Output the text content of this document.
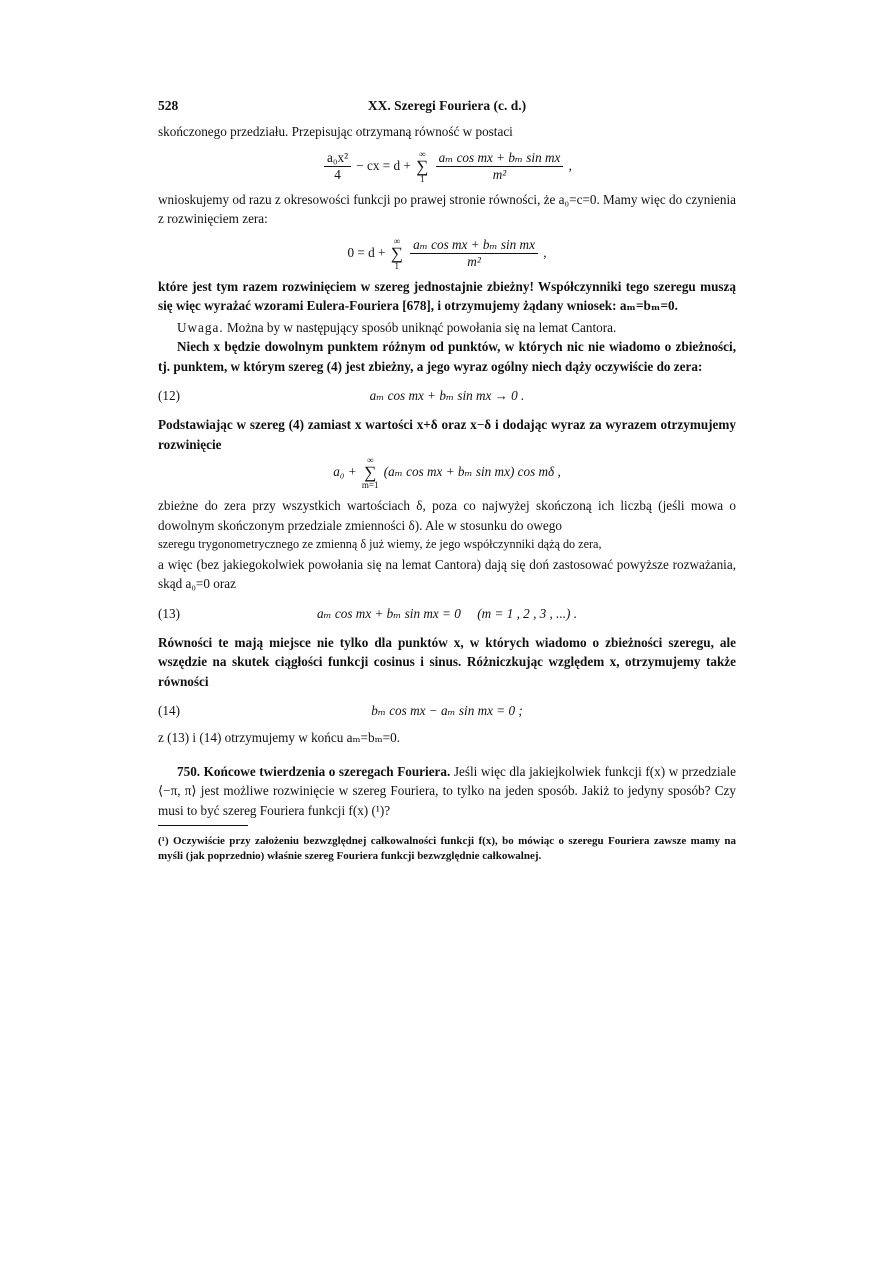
528	XX. Szeregi Fouriera (c. d.)

skończonego przedziału. Przepisując otrzymaną równość w postaci

$\frac{\text{a₀x²}}{4}$ − cx = d +
∞
∑
1
$\frac{\text{aₘ cos mx + bₘ sin mx}}{\text{m²}}$ ,

wnioskujemy od razu z okresowości funkcji po prawej stronie równości, że a₀=c=0. Mamy więc do czynienia z rozwinięciem zera:

0 = d +
∞
∑
1
$\frac{\text{aₘ cos mx + bₘ sin mx}}{\text{m²}}$ ,

które jest tym razem rozwinięciem w szereg jednostajnie zbieżny! Współczynniki tego szeregu muszą się więc wyrażać wzorami Eulera-Fouriera [678], i otrzymujemy żądany wniosek: aₘ=bₘ=0.

Uwaga. Można by w następujący sposób uniknąć powołania się na lemat Cantora.

Niech x będzie dowolnym punktem różnym od punktów, w których nic nie wiadomo o zbieżności, tj. punktem, w którym szereg (4) jest zbieżny, a jego wyraz ogólny niech dąży oczywiście do zera:

(12)	aₘ cos mx + bₘ sin mx → 0 .

Podstawiając w szereg (4) zamiast x wartości x+δ oraz x−δ i dodając wyraz za wyrazem otrzymujemy rozwinięcie

a₀ +
∞
∑
m=1
(aₘ cos mx + bₘ sin mx) cos mδ ,

zbieżne do zera przy wszystkich wartościach δ, poza co najwyżej skończoną ich liczbą (jeśli mowa o dowolnym skończonym przedziale zmienności δ). Ale w stosunku do owego

szeregu trygonometrycznego ze zmienną δ już wiemy, że jego współczynniki dążą do zera,

a więc (bez jakiegokolwiek powołania się na lemat Cantora) dają się doń zastosować powyższe rozważania, skąd a₀=0 oraz

(13)	aₘ cos mx + bₘ sin mx = 0     (m = 1 , 2 , 3 , ...) .

Równości te mają miejsce nie tylko dla punktów x, w których wiadomo o zbieżności szeregu, ale wszędzie na skutek ciągłości funkcji cosinus i sinus. Różniczkując względem x, otrzymujemy także równości

(14)	bₘ cos mx − aₘ sin mx = 0 ;

z (13) i (14) otrzymujemy w końcu aₘ=bₘ=0.

750. Końcowe twierdzenia o szeregach Fouriera. Jeśli więc dla jakiejkolwiek funkcji f(x) w przedziale ⟨−π, π⟩ jest możliwe rozwinięcie w szereg Fouriera, to tylko na jeden sposób. Jakiż to jedyny sposób? Czy musi to być szereg Fouriera funkcji f(x) (¹)?

(¹) Oczywiście przy założeniu bezwzględnej całkowalności funkcji f(x), bo mówiąc o szeregu Fouriera zawsze mamy na myśli (jak poprzednio) właśnie szereg Fouriera funkcji bezwzględnie całkowalnej.
